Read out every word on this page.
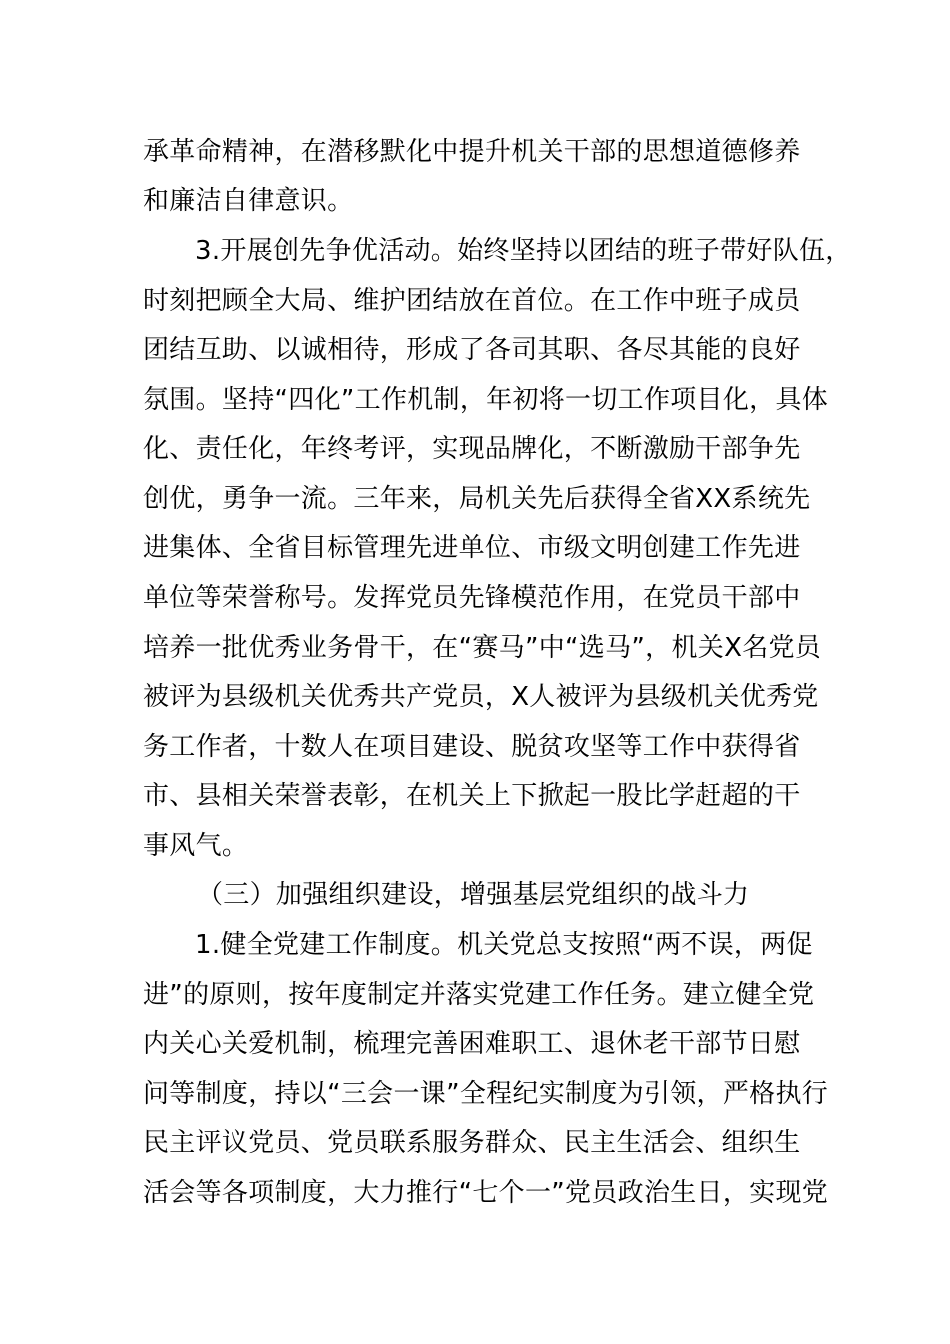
承革命精神，在潜移默化中提升机关干部的思想道德修养
和廉洁自律意识。
3.开展创先争优活动。始终坚持以团结的班子带好队伍，
时刻把顾全大局、维护团结放在首位。在工作中班子成员
团结互助、以诚相待，形成了各司其职、各尽其能的良好
氛围。坚持“四化”工作机制，年初将一切工作项目化，具体
化、责任化，年终考评，实现品牌化，不断激励干部争先
创优，勇争一流。三年来，局机关先后获得全省XX系统先
进集体、全省目标管理先进单位、市级文明创建工作先进
单位等荣誉称号。发挥党员先锋模范作用，在党员干部中
培养一批优秀业务骨干，在“赛马”中“选马”，机关X名党员
被评为县级机关优秀共产党员，X人被评为县级机关优秀党
务工作者，十数人在项目建设、脱贫攻坚等工作中获得省
市、县相关荣誉表彰，在机关上下掀起一股比学赶超的干
事风气。
（三）加强组织建设，增强基层党组织的战斗力
1.健全党建工作制度。机关党总支按照“两不误，两促
进”的原则，按年度制定并落实党建工作任务。建立健全党
内关心关爱机制，梳理完善困难职工、退休老干部节日慰
问等制度，持以“三会一课”全程纪实制度为引领，严格执行
民主评议党员、党员联系服务群众、民主生活会、组织生
活会等各项制度，大力推行“七个一”党员政治生日，实现党
